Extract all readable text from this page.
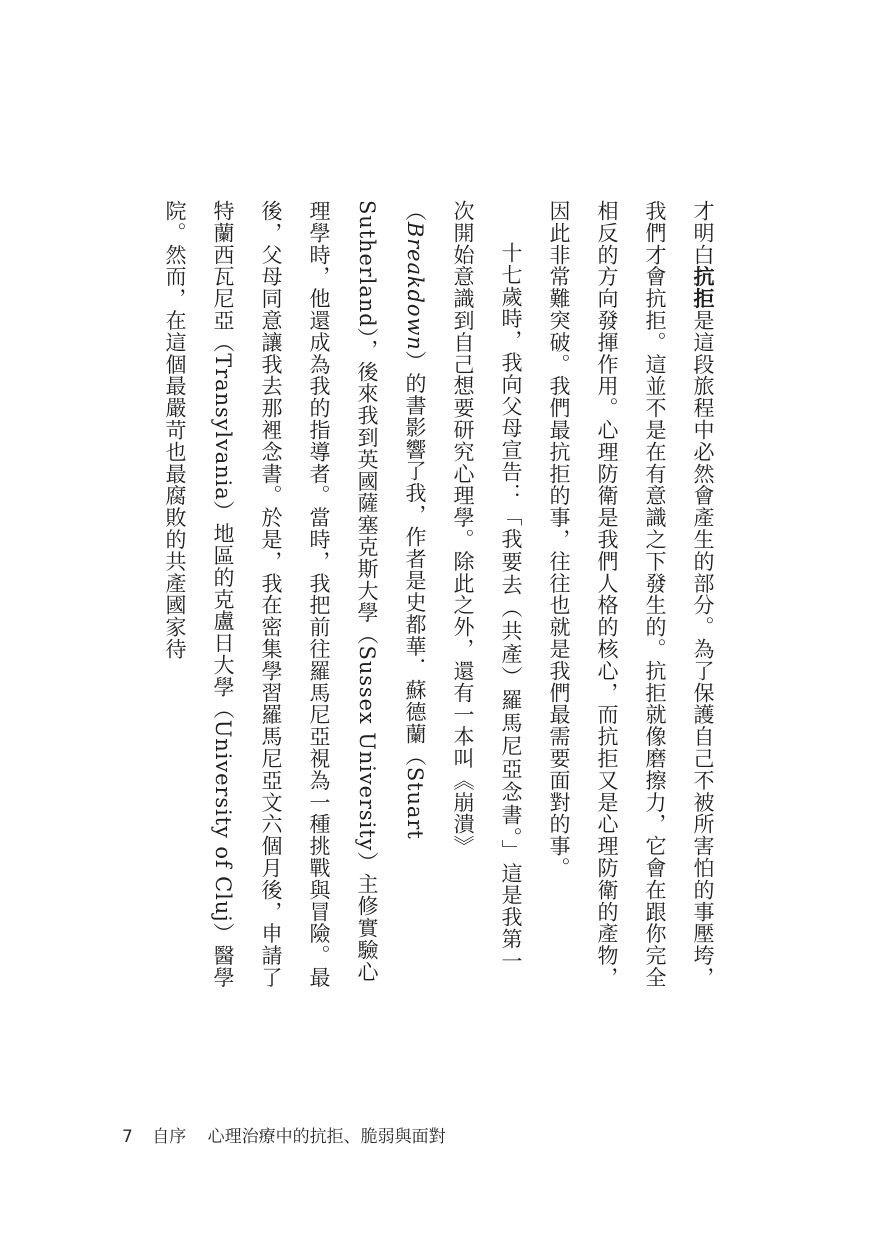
才明白抗拒是這段旅程中必然會產生的部分。為了保護自己不被所害怕的事壓垮，我們才會抗拒。這並不是在有意識之下發生的。抗拒就像磨擦力，它會在跟你完全相反的方向發揮作用。心理防衛是我們人格的核心，而抗拒又是心理防衛的產物，因此非常難突破。我們最抗拒的事，往往也就是我們最需要面對的事。

十七歲時，我向父母宣告：「我要去（共產）羅馬尼亞念書。」這是我第一次開始意識到自己想要研究心理學。除此之外，還有一本叫《崩潰》（Breakdown）的書影響了我，作者是史都華．蘇德蘭（Stuart Sutherland），後來我到英國薩塞克斯大學（Sussex University）主修實驗心理學時，他還成為我的指導者。當時，我把前往羅馬尼亞視為一種挑戰與冒險。最後，父母同意讓我去那裡念書。於是，我在密集學習羅馬尼亞文六個月後，申請了特蘭西瓦尼亞（Transylvania）地區的克盧日大學（University of Cluj）醫學院。然而，在這個最嚴苛也最腐敗的共產國家待

7 自序 心理治療中的抗拒、脆弱與面對
